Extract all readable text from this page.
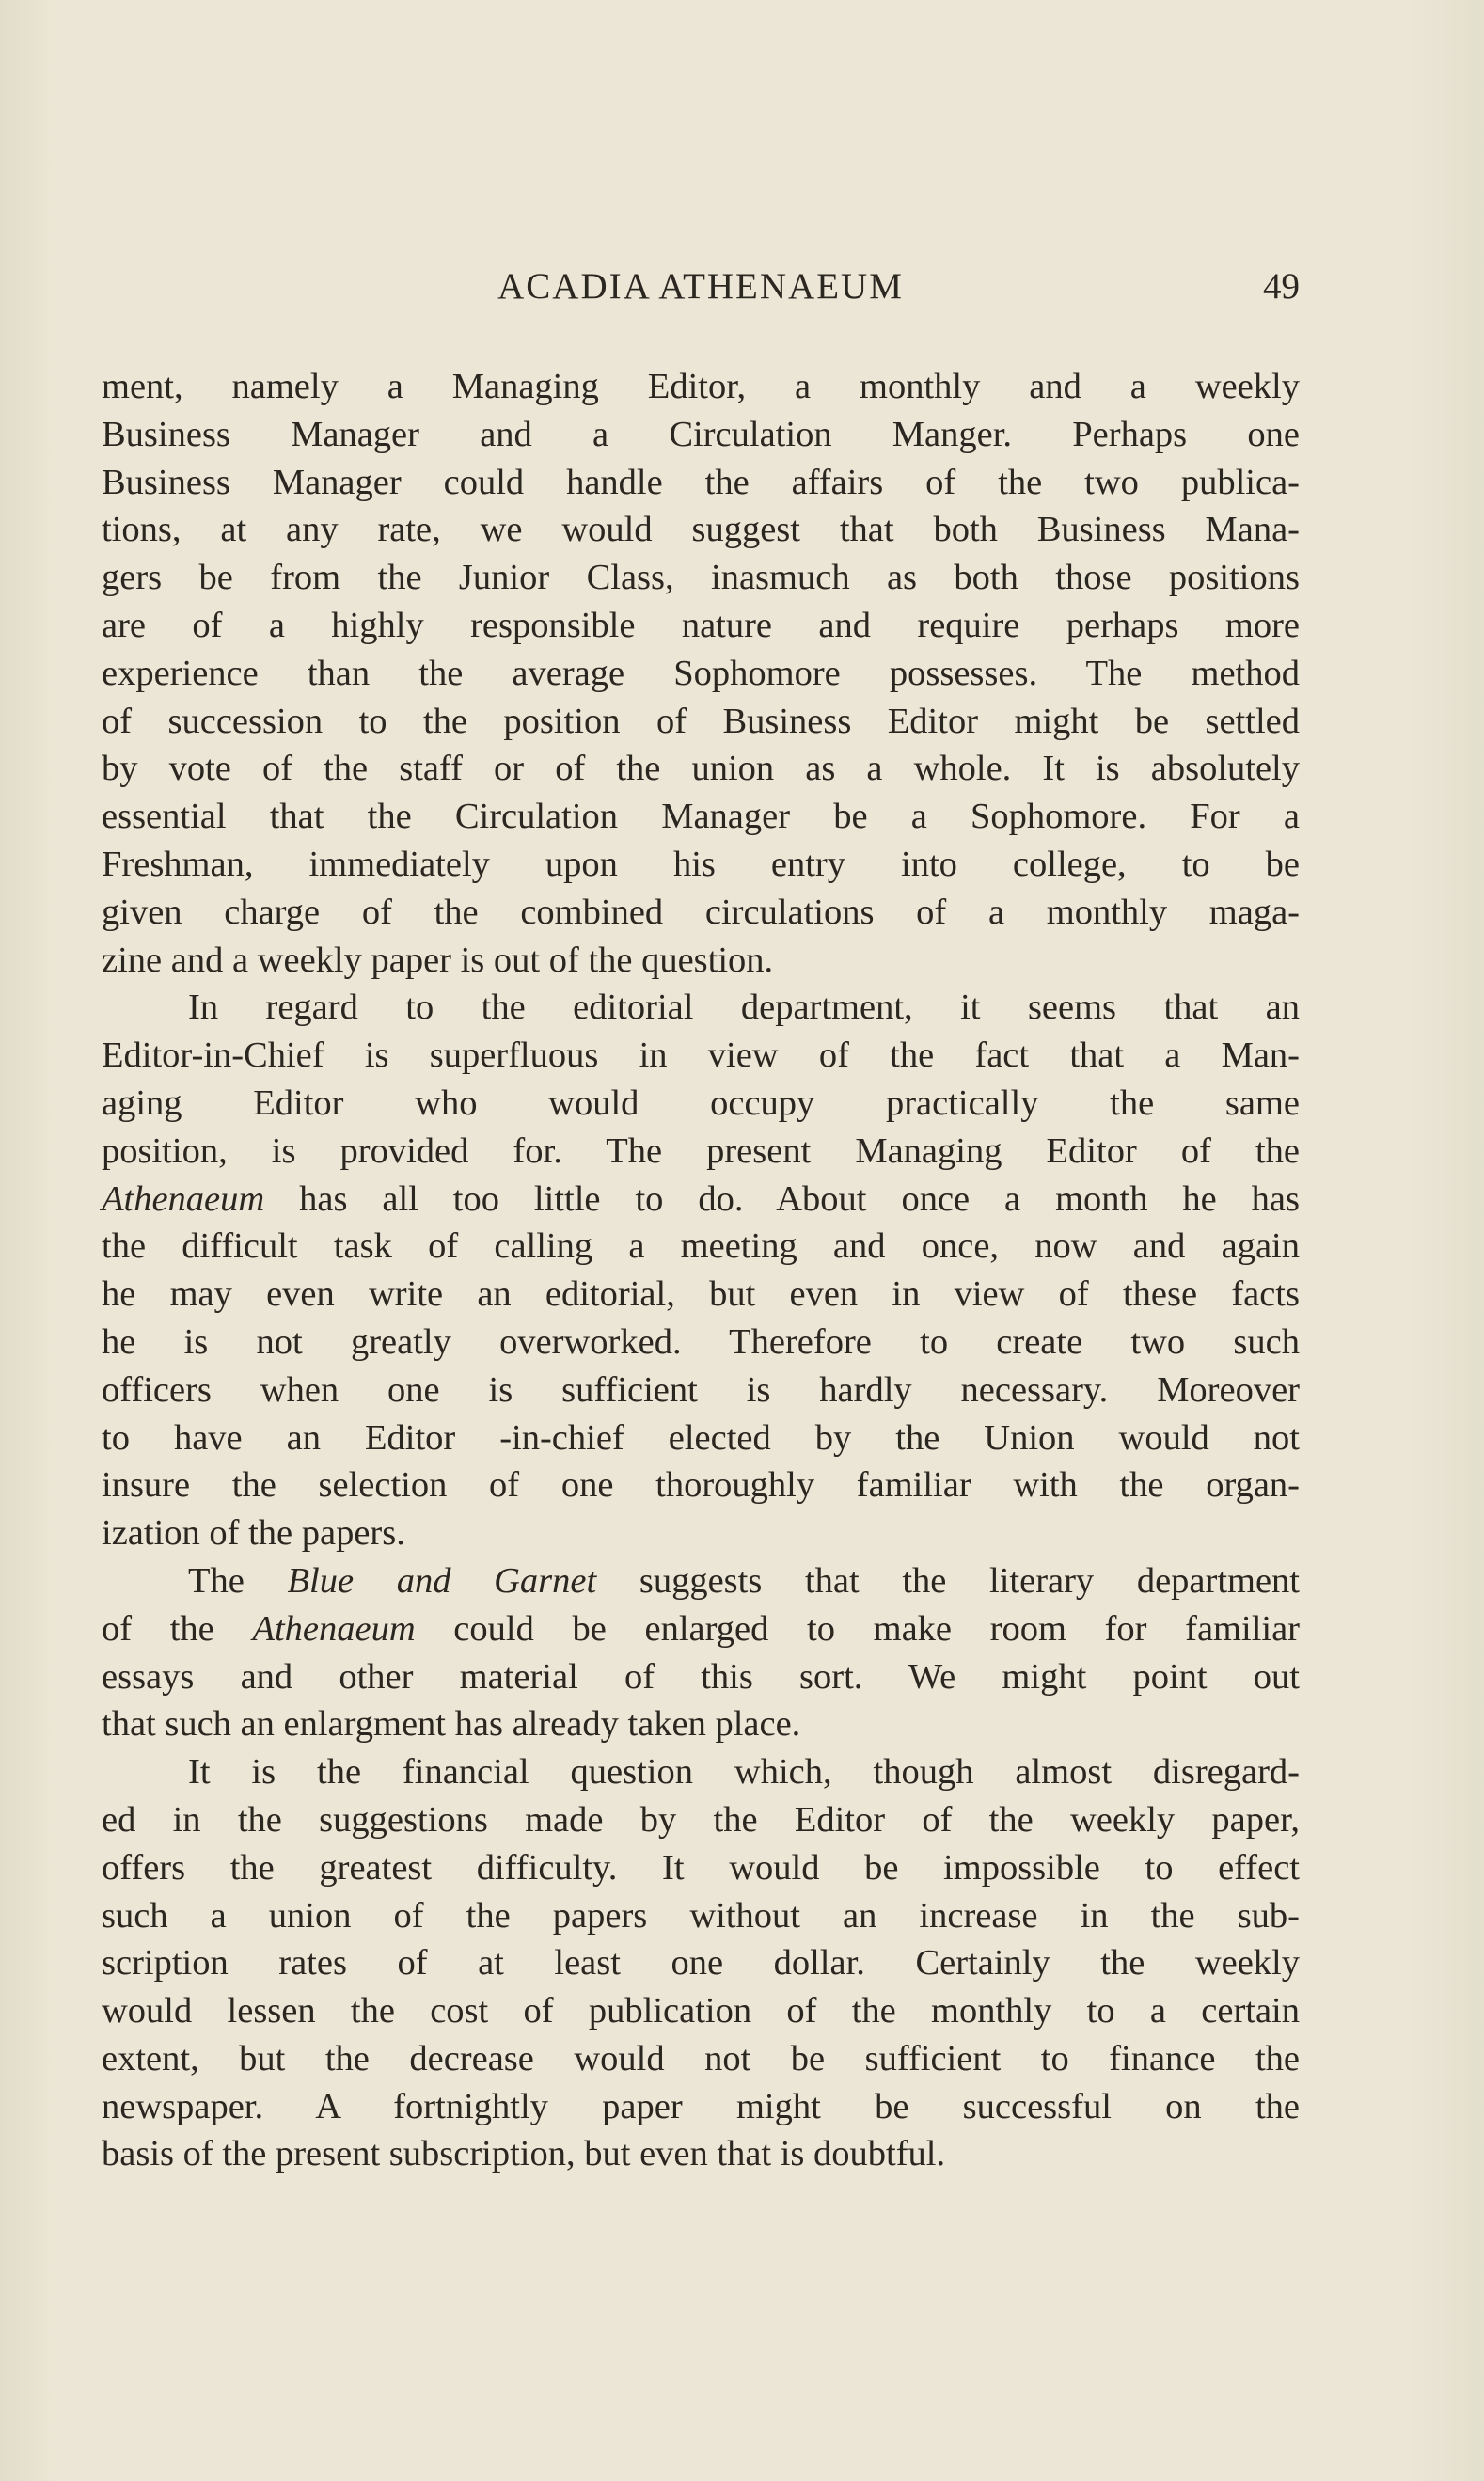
ACADIA ATHENAEUM	49
ment, namely a Managing Editor, a monthly and a weekly
Business Manager and a Circulation Manger. Perhaps one
Business Manager could handle the affairs of the two publica-
tions, at any rate, we would suggest that both Business Mana-
gers be from the Junior Class, inasmuch as both those positions
are of a highly responsible nature and require perhaps more
experience than the average Sophomore possesses. The method
of succession to the position of Business Editor might be settled
by vote of the staff or of the union as a whole. It is absolutely
essential that the Circulation Manager be a Sophomore. For a
Freshman, immediately upon his entry into college, to be
given charge of the combined circulations of a monthly maga-
zine and a weekly paper is out of the question.
In regard to the editorial department, it seems that an
Editor-in-Chief is superfluous in view of the fact that a Man-
aging Editor who would occupy practically the same
position, is provided for. The present Managing Editor of the
Athenaeum has all too little to do. About once a month he has
the difficult task of calling a meeting and once, now and again
he may even write an editorial, but even in view of these facts
he is not greatly overworked. Therefore to create two such
officers when one is sufficient is hardly necessary. Moreover
to have an Editor -in-chief elected by the Union would not
insure the selection of one thoroughly familiar with the organ-
ization of the papers.
The Blue and Garnet suggests that the literary department
of the Athenaeum could be enlarged to make room for familiar
essays and other material of this sort. We might point out
that such an enlargment has already taken place.
It is the financial question which, though almost disregard-
ed in the suggestions made by the Editor of the weekly paper,
offers the greatest difficulty. It would be impossible to effect
such a union of the papers without an increase in the sub-
scription rates of at least one dollar. Certainly the weekly
would lessen the cost of publication of the monthly to a certain
extent, but the decrease would not be sufficient to finance the
newspaper. A fortnightly paper might be successful on the
basis of the present subscription, but even that is doubtful.
